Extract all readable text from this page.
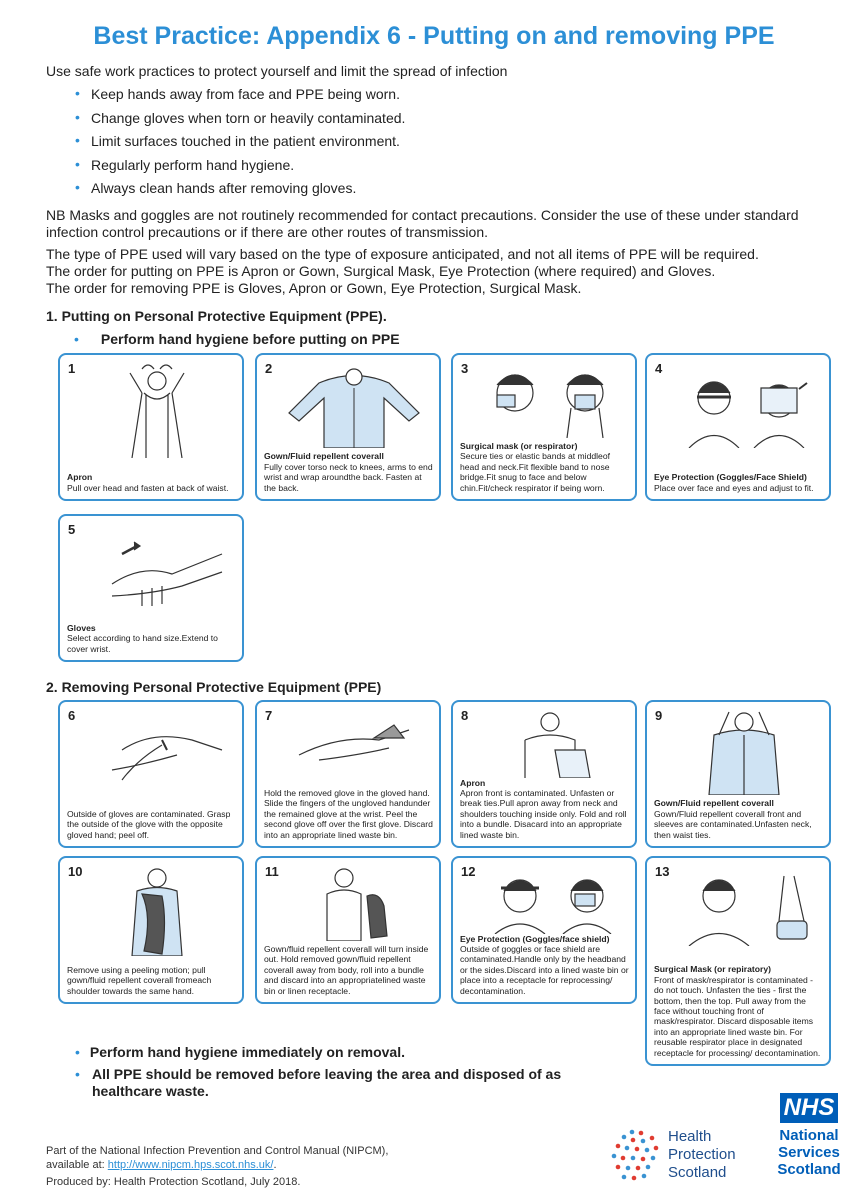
Best Practice: Appendix 6 - Putting on and removing PPE
Use safe work practices to protect yourself and limit the spread of infection
• Keep hands away from face and PPE being worn.
• Change gloves when torn or heavily contaminated.
• Limit surfaces touched in the patient environment.
• Regularly perform hand hygiene.
• Always clean hands after removing gloves.
NB Masks and goggles are not routinely recommended for contact precautions. Consider the use of these under standard infection control precautions or if there are other routes of transmission.
The type of PPE used will vary based on the type of exposure anticipated, and not all items of PPE will be required.
The order for putting on PPE is Apron or Gown, Surgical Mask, Eye Protection (where required) and Gloves.
The order for removing PPE is Gloves, Apron or Gown, Eye Protection, Surgical Mask.
1. Putting on Personal Protective Equipment (PPE).
• Perform hand hygiene before putting on PPE
1
Apron
Pull over head and fasten at back of waist.
2
Gown/Fluid repellent coverall
Fully cover torso neck to knees, arms to end wrist and wrap aroundthe back. Fasten at the back.
3
Surgical mask (or respirator)
Secure ties or elastic bands at middleof head and neck.Fit flexible band to nose bridge.Fit snug to face and below chin.Fit/check respirator if being worn.
4
Eye Protection (Goggles/Face Shield)
Place over face and eyes and adjust to fit.
5
Gloves
Select according to hand size.Extend to cover wrist.
2. Removing Personal Protective Equipment (PPE)
6
Outside of gloves are contaminated. Grasp the outside of the glove with the opposite gloved hand; peel off.
7
Hold the removed glove in the gloved hand. Slide the fingers of the ungloved handunder the remained glove at the wrist. Peel the second glove off over the first glove. Discard into an appropriate lined waste bin.
8
Apron
Apron front is contaminated. Unfasten or break ties.Pull apron away from neck and shoulders touching inside only. Fold and roll into a bundle. Disacard into an appropriate lined waste bin.
9
Gown/Fluid repellent coverall
Gown/Fluid repellent coverall front and sleeves are contaminated.Unfasten neck, then waist ties.
10
Remove using a peeling motion; pull gown/fluid repellent coverall fromeach shoulder towards the same hand.
11
Gown/fluid repellent coverall will turn inside out. Hold removed gown/fluid repellent coverall away from body, roll into a bundle and discard into an appropriatelined waste bin or linen receptacle.
12
Eye Protection (Goggles/face shield)
Outside of goggles or face shield are contaminated.Handle only by the headband or the sides.Discard into a lined waste bin or place into a receptacle for reprocessing/ decontamination.
13
Surgical Mask (or repiratory)
Front of mask/respirator is contaminated - do not touch. Unfasten the ties - first the bottom, then the top. Pull away from the face without touching front of mask/respirator. Discard disposable items into an appropriate lined waste bin. For reusable respirator place in designated receptacle for processing/ decontamination.
• Perform hand hygiene immediately on removal.
• All PPE should be removed before leaving the area and disposed of as healthcare waste.
Part of the National Infection Prevention and Control Manual (NIPCM),
available at: http://www.nipcm.hps.scot.nhs.uk/.
Produced by: Health Protection Scotland, July 2018.
Health
Protection
Scotland
NHS
National
Services
Scotland
